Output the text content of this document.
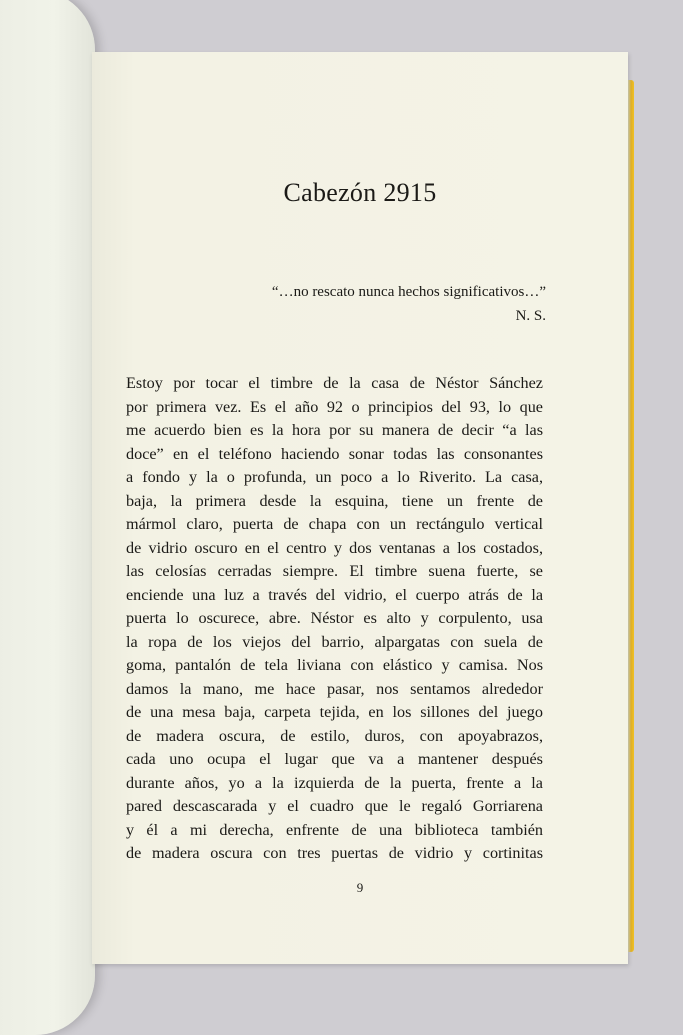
Cabezón 2915
“…no rescato nunca hechos significativos…”
N. S.
Estoy por tocar el timbre de la casa de Néstor Sánchez
por primera vez. Es el año 92 o principios del 93, lo que
me acuerdo bien es la hora por su manera de decir “a las
doce” en el teléfono haciendo sonar todas las consonantes
a fondo y la o profunda, un poco a lo Riverito. La casa,
baja, la primera desde la esquina, tiene un frente de
mármol claro, puerta de chapa con un rectángulo vertical
de vidrio oscuro en el centro y dos ventanas a los costados,
las celosías cerradas siempre. El timbre suena fuerte, se
enciende una luz a través del vidrio, el cuerpo atrás de la
puerta lo oscurece, abre. Néstor es alto y corpulento, usa
la ropa de los viejos del barrio, alpargatas con suela de
goma, pantalón de tela liviana con elástico y camisa. Nos
damos la mano, me hace pasar, nos sentamos alrededor
de una mesa baja, carpeta tejida, en los sillones del juego
de madera oscura, de estilo, duros, con apoyabrazos,
cada uno ocupa el lugar que va a mantener después
durante años, yo a la izquierda de la puerta, frente a la
pared descascarada y el cuadro que le regaló Gorriarena
y él a mi derecha, enfrente de una biblioteca también
de madera oscura con tres puertas de vidrio y cortinitas
9
